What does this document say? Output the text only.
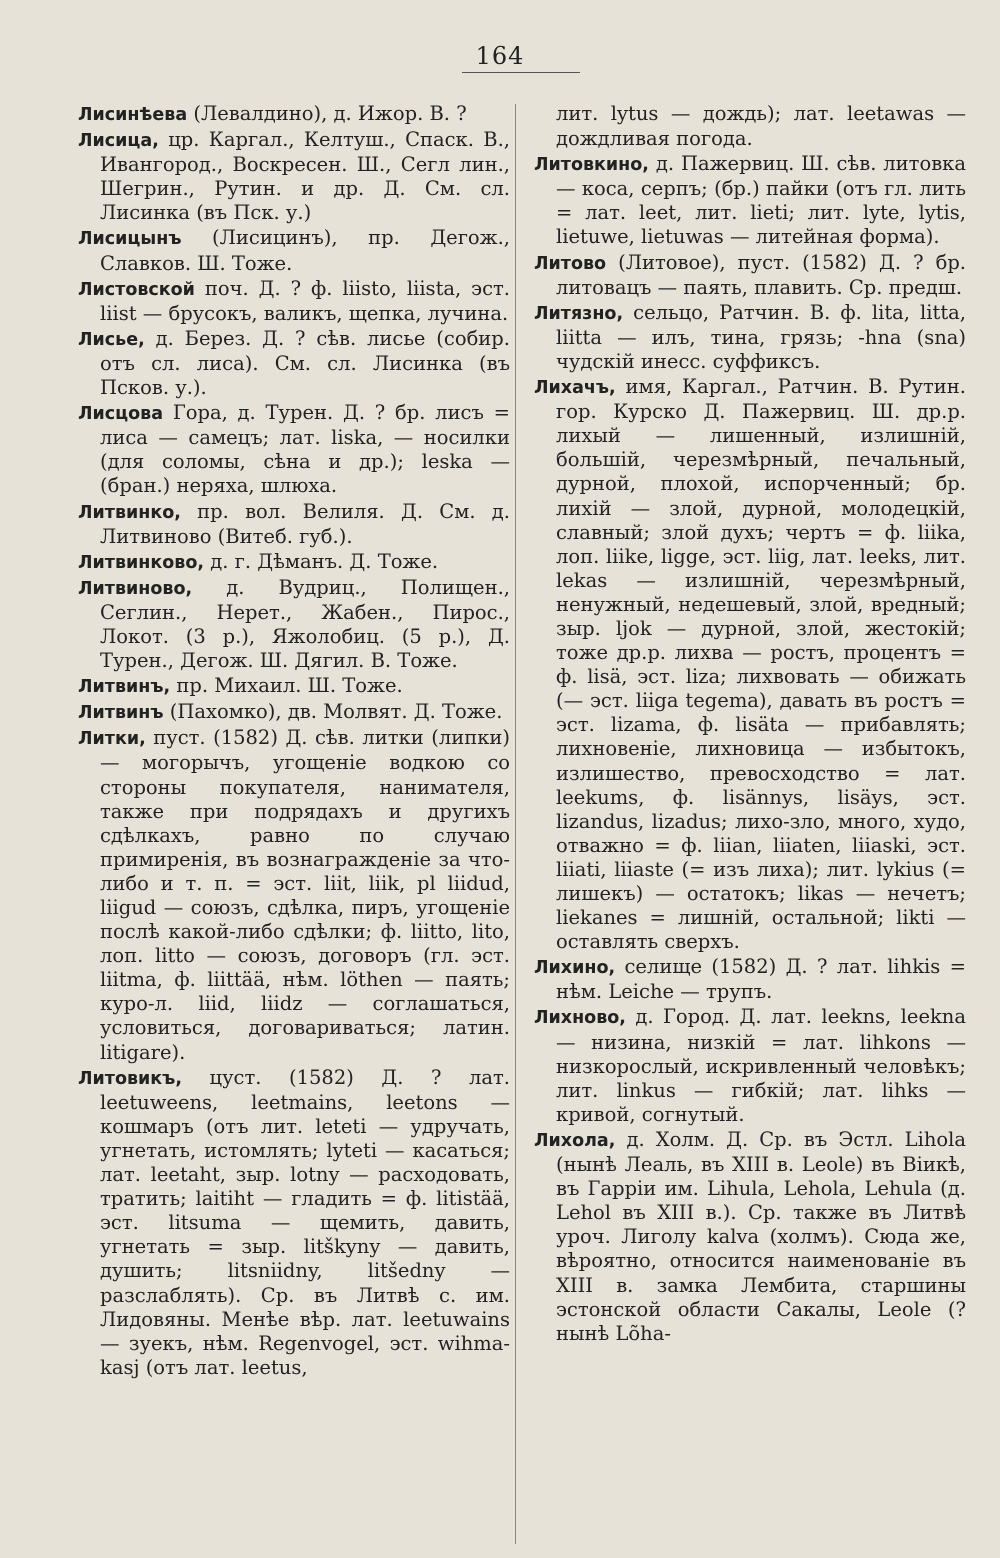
164

Лисинѣева (Левалдино), д. Ижор. В. ?

Лисица, цр. Каргал., Келтуш., Спаск. В., Ивангород., Воскресен. Ш., Сегл лин., Шегрин., Рутин. и др. Д. См. сл. Лисинка (въ Пск. у.)

Лисицынъ (Лисицинъ), пр. Дегож., Славков. Ш. Тоже.

Листовской поч. Д. ? ф. liisto, liista, эст. liist — брусокъ, валикъ, щепка, лучина.

Лисье, д. Берез. Д. ? сѣв. лисье (собир. отъ сл. лиса). См. сл. Лисинка (въ Псков. у.).

Лисцова Гора, д. Турен. Д. ? бр. лисъ = лиса — самецъ; лат. liska, — носилки (для соломы, сѣна и др.); leska — (бран.) неряха, шлюха.

Литвинко, пр. вол. Велиля. Д. См. д. Литвиново (Витеб. губ.).

Литвинково, д. г. Дѣманъ. Д. Тоже.

Литвиново, д. Вудриц., Полищен., Сеглин., Нерет., Жабен., Пирос., Локот. (3 р.), Яжолобиц. (5 р.), Д. Турен., Дегож. Ш. Дягил. В. Тоже.

Литвинъ, пр. Михаил. Ш. Тоже.

Литвинъ (Пахомко), дв. Молвят. Д. Тоже.

Литки, пуст. (1582) Д. сѣв. литки (липки) — могорычъ, угощеніе водкою со стороны покупателя, нанимателя, также при подрядахъ и другихъ сдѣлкахъ, равно по случаю примиренія, въ вознагражденіе за что-либо и т. п. = эст. liit, liik, pl liidud, liigud — союзъ, сдѣлка, пиръ, угощеніе послѣ какой-либо сдѣлки; ф. liitto, lito, лоп. litto — союзъ, договоръ (гл. эст. liitma, ф. liittää, нѣм. löthen — паять; куро-л. liid, liidz — соглашаться, условиться, договариваться; латин. litigare).

Литовикъ, цуст. (1582) Д. ? лат. leetuweens, leetmains, leetons — кошмаръ (отъ лит. leteti — удручать, угнетать, истомлять; lyteti — касаться; лат. leetaht, зыр. lotny — расходовать, тратить; laitiht — гладить = ф. litistää, эст. litsuma — щемить, давить, угнетать = зыр. litškyny — давить, душить; litsniidny, litšedny — разслаблять). Ср. въ Литвѣ с. им. Лидовяны. Менѣе вѣр. лат. leetuwains — зуекъ, нѣм. Regenvogel, эст. wihma-kasj (отъ лат. leetus,

лит. lytus — дождь); лат. leetawas — дождливая погода.

Литовкино, д. Пажервиц. Ш. сѣв. литовка — коса, серпъ; (бр.) пайки (отъ гл. лить = лат. leet, лит. lieti; лит. lyte, lytis, lietuwe, lietuwas — литейная форма).

Литово (Литовое), пуст. (1582) Д. ? бр. литовацъ — паять, плавить. Ср. предш.

Литязно, сельцо, Ратчин. В. ф. lita, litta, liitta — илъ, тина, грязь; -hna (sna) чудскій инесс. суффиксъ.

Лихачъ, имя, Каргал., Ратчин. В. Рутин. гор. Курско Д. Пажервиц. Ш. др.р. лихый — лишенный, излишній, большій, черезмѣрный, печальный, дурной, плохой, испорченный; бр. лихій — злой, дурной, молодецкій, славный; злой духъ; чертъ = ф. liika, лоп. liike, ligge, эст. liig, лат. leeks, лит. lekas — излишній, черезмѣрный, ненужный, недешевый, злой, вредный; зыр. ljok — дурной, злой, жестокій; тоже др.р. лихва — ростъ, процентъ = ф. lisä, эст. liza; лихвовать — обижать (— эст. liiga tegema), давать въ ростъ = эст. lizama, ф. lisäta — прибавлять; лихновеніе, лихновица — избытокъ, излишество, превосходство = лат. leekums, ф. lisännys, lisäys, эст. lizandus, lizadus; лихо-зло, много, худо, отважно = ф. liian, liiaten, liiaski, эст. liiati, liiaste (= изъ лиха); лит. lykius (= лишекъ) — остатокъ; likas — нечетъ; liekanes = лишній, остальной; likti — оставлять сверхъ.

Лихино, селище (1582) Д. ? лат. lihkis = нѣм. Leiche — трупъ.

Лихново, д. Город. Д. лат. leekns, leekna — низина, низкій = лат. lihkons — низкорослый, искривленный человѣкъ; лит. linkus — гибкій; лат. lihks — кривой, согнутый.

Лихола, д. Холм. Д. Ср. въ Эстл. Lihola (нынѣ Леаль, въ XIII в. Leole) въ Віикѣ, въ Гарріи им. Lihula, Lehola, Lehula (д. Lehol въ XIII в.). Ср. также въ Литвѣ уроч. Лиголу kalva (холмъ). Сюда же, вѣроятно, относится наименованіе въ XIII в. замка Лембита, старшины эстонской области Сакалы, Leole (? нынѣ Lõha-
